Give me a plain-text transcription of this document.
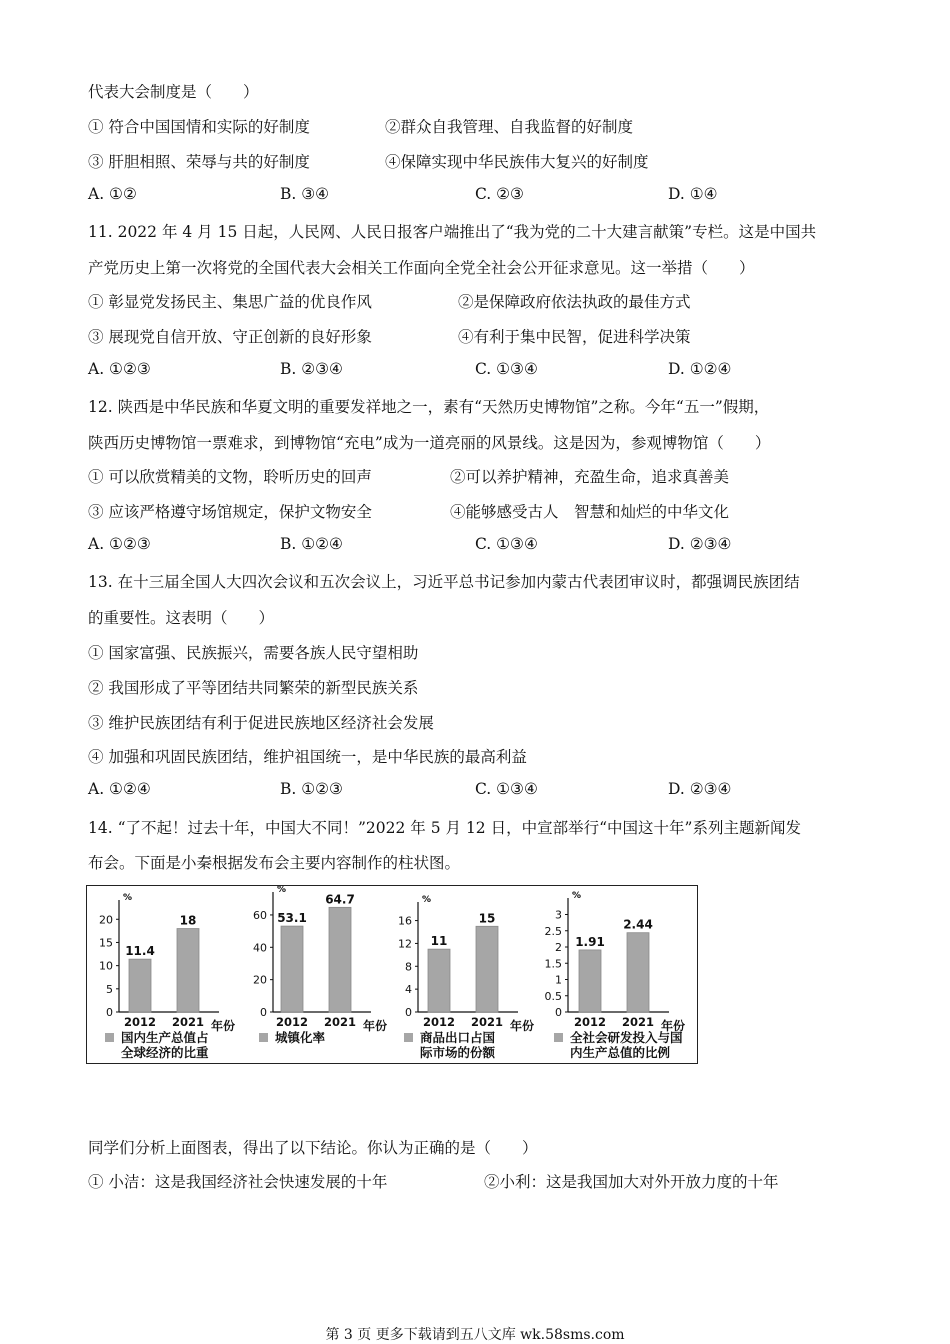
代表大会制度是（　　）
① 符合中国国情和实际的好制度	②群众自我管理、自我监督的好制度
③ 肝胆相照、荣辱与共的好制度	④保障实现中华民族伟大复兴的好制度
A. ①②	B. ③④	C. ②③	D. ①④
11. 2022 年 4 月 15 日起，人民网、人民日报客户端推出了“我为党的二十大建言献策”专栏。这是中国共
产党历史上第一次将党的全国代表大会相关工作面向全党全社会公开征求意见。这一举措（　　）
① 彰显党发扬民主、集思广益的优良作风	②是保障政府依法执政的最佳方式
③ 展现党自信开放、守正创新的良好形象	④有利于集中民智，促进科学决策
A. ①②③	B. ②③④	C. ①③④	D. ①②④
12. 陕西是中华民族和华夏文明的重要发祥地之一，素有“天然历史博物馆”之称。今年“五一”假期，
陕西历史博物馆一票难求，到博物馆“充电”成为一道亮丽的风景线。这是因为，参观博物馆（　　）
① 可以欣赏精美的文物，聆听历史的回声	②可以养护精神，充盈生命，追求真善美
③ 应该严格遵守场馆规定，保护文物安全	④能够感受古人　智慧和灿烂的中华文化
A. ①②③	B. ①②④	C. ①③④	D. ②③④
13. 在十三届全国人大四次会议和五次会议上，习近平总书记参加内蒙古代表团审议时，都强调民族团结
的重要性。这表明（　　）
① 国家富强、民族振兴，需要各族人民守望相助
② 我国形成了平等团结共同繁荣的新型民族关系
③ 维护民族团结有利于促进民族地区经济社会发展
④ 加强和巩固民族团结，维护祖国统一，是中华民族的最高利益
A. ①②④	B. ①②③	C. ①③④	D. ②③④
14. “了不起！过去十年，中国大不同！”2022 年 5 月 12 日，中宣部举行“中国这十年”系列主题新闻发
布会。下面是小秦根据发布会主要内容制作的柱状图。
%
0
5
10
15
20
11.4
2012
18
2021 年份
国内生产总值占
全球经济的比重
%
0
20
40
60 53.1
2012
64.7
2021 年份
城镇化率
%
0
4
8
12
16
11
2012
15
2021 年份
商品出口占国
际市场的份额
%
0
0.5
1
1.5
2
2.5
3
1.91
2012
2.44
2021 年份
全社会研发投入与国
内生产总值的比例
同学们分析上面图表，得出了以下结论。你认为正确的是（　　）
① 小洁：这是我国经济社会快速发展的十年	②小利：这是我国加大对外开放力度的十年
第 3 页 更多下载请到五八文库 wk.58sms.com
